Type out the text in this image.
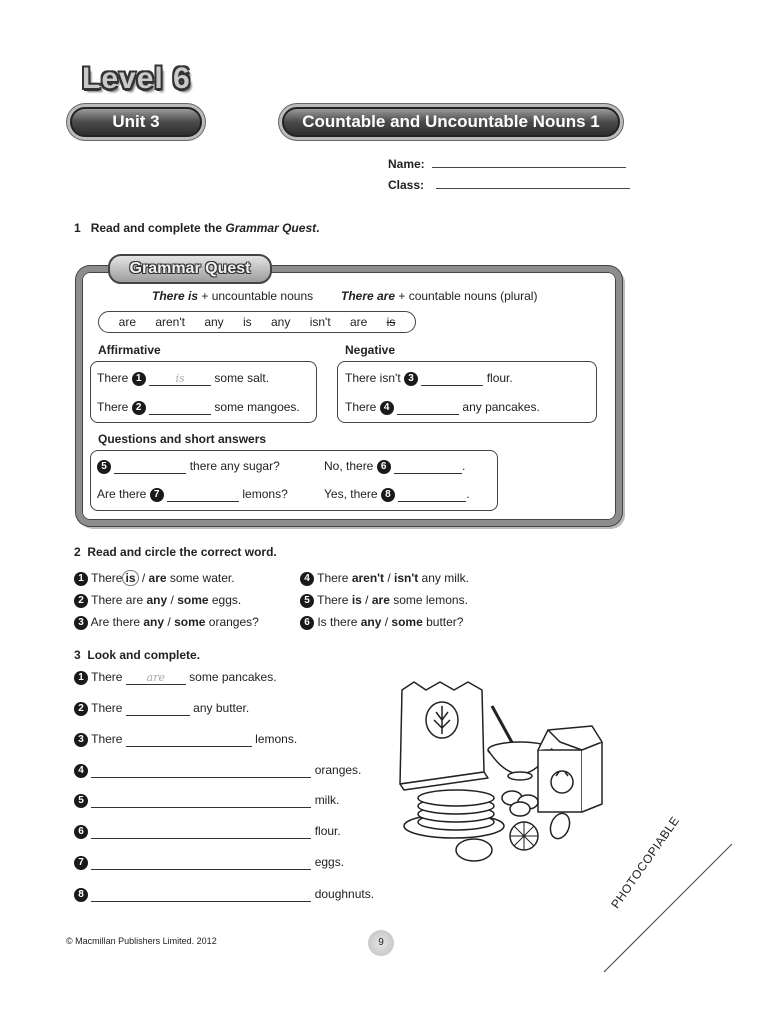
Level 6
Unit 3	Countable and Uncountable Nouns 1
Name:
Class:
1 Read and complete the Grammar Quest.
Grammar Quest
There is + uncountable nouns There are + countable nouns (plural)
are aren't any is any isn't are is
Affirmative	Negative
There 1	is some salt.
There 2	some mangoes.
There isn't 3	flour.
There 4	any pancakes.
Questions and short answers
5	there any sugar?	No, there 6	.
Are there 7	lemons?	Yes, there 8	.
2 Read and circle the correct word.
1 There is / are some water.
2 There are any / some eggs.
3 Are there any / some oranges?
4 There aren't / isn't any milk.
5 There is / are some lemons.
6 Is there any / some butter?
3 Look and complete.
1 There are some pancakes.
2 There	any butter.
3 There	lemons.
4	oranges.
5	milk.
6	flour.
7	eggs.
8	doughnuts.
© Macmillan Publishers Limited. 2012	9
PHOTOCOPIABLE
